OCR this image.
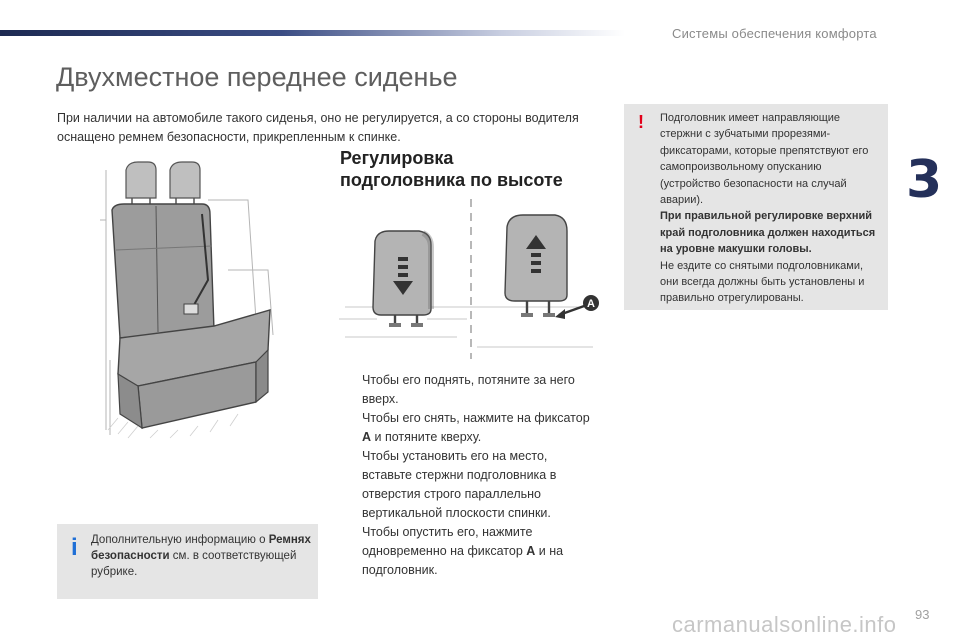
Системы обеспечения комфорта
3
Двухместное переднее сиденье

При наличии на автомобиле такого сиденья, оно не регулируется, а со стороны водителя оснащено ремнем безопасности, прикрепленным к спинке.

A
Регулировка
подголовника по высоте
Чтобы его поднять, потяните за него вверх.
Чтобы его снять, нажмите на фиксатор A и потяните кверху.
Чтобы установить его на место, вставьте стержни подголовника в отверстия строго параллельно вертикальной плоскости спинки.
Чтобы опустить его, нажмите одновременно на фиксатор A и на подголовник.
! Подголовник имеет направляющие стержни с зубчатыми прорезями-фиксаторами, которые препятствуют его самопроизвольному опусканию (устройство безопасности на случай аварии).
При правильной регулировке верхний край подголовника должен находиться на уровне макушки головы.
Не ездите со снятыми подголовниками, они всегда должны быть установлены и правильно отрегулированы.
i Дополнительную информацию о Ремнях безопасности см. в соответствующей рубрике.
93
carmanualsonline.info
